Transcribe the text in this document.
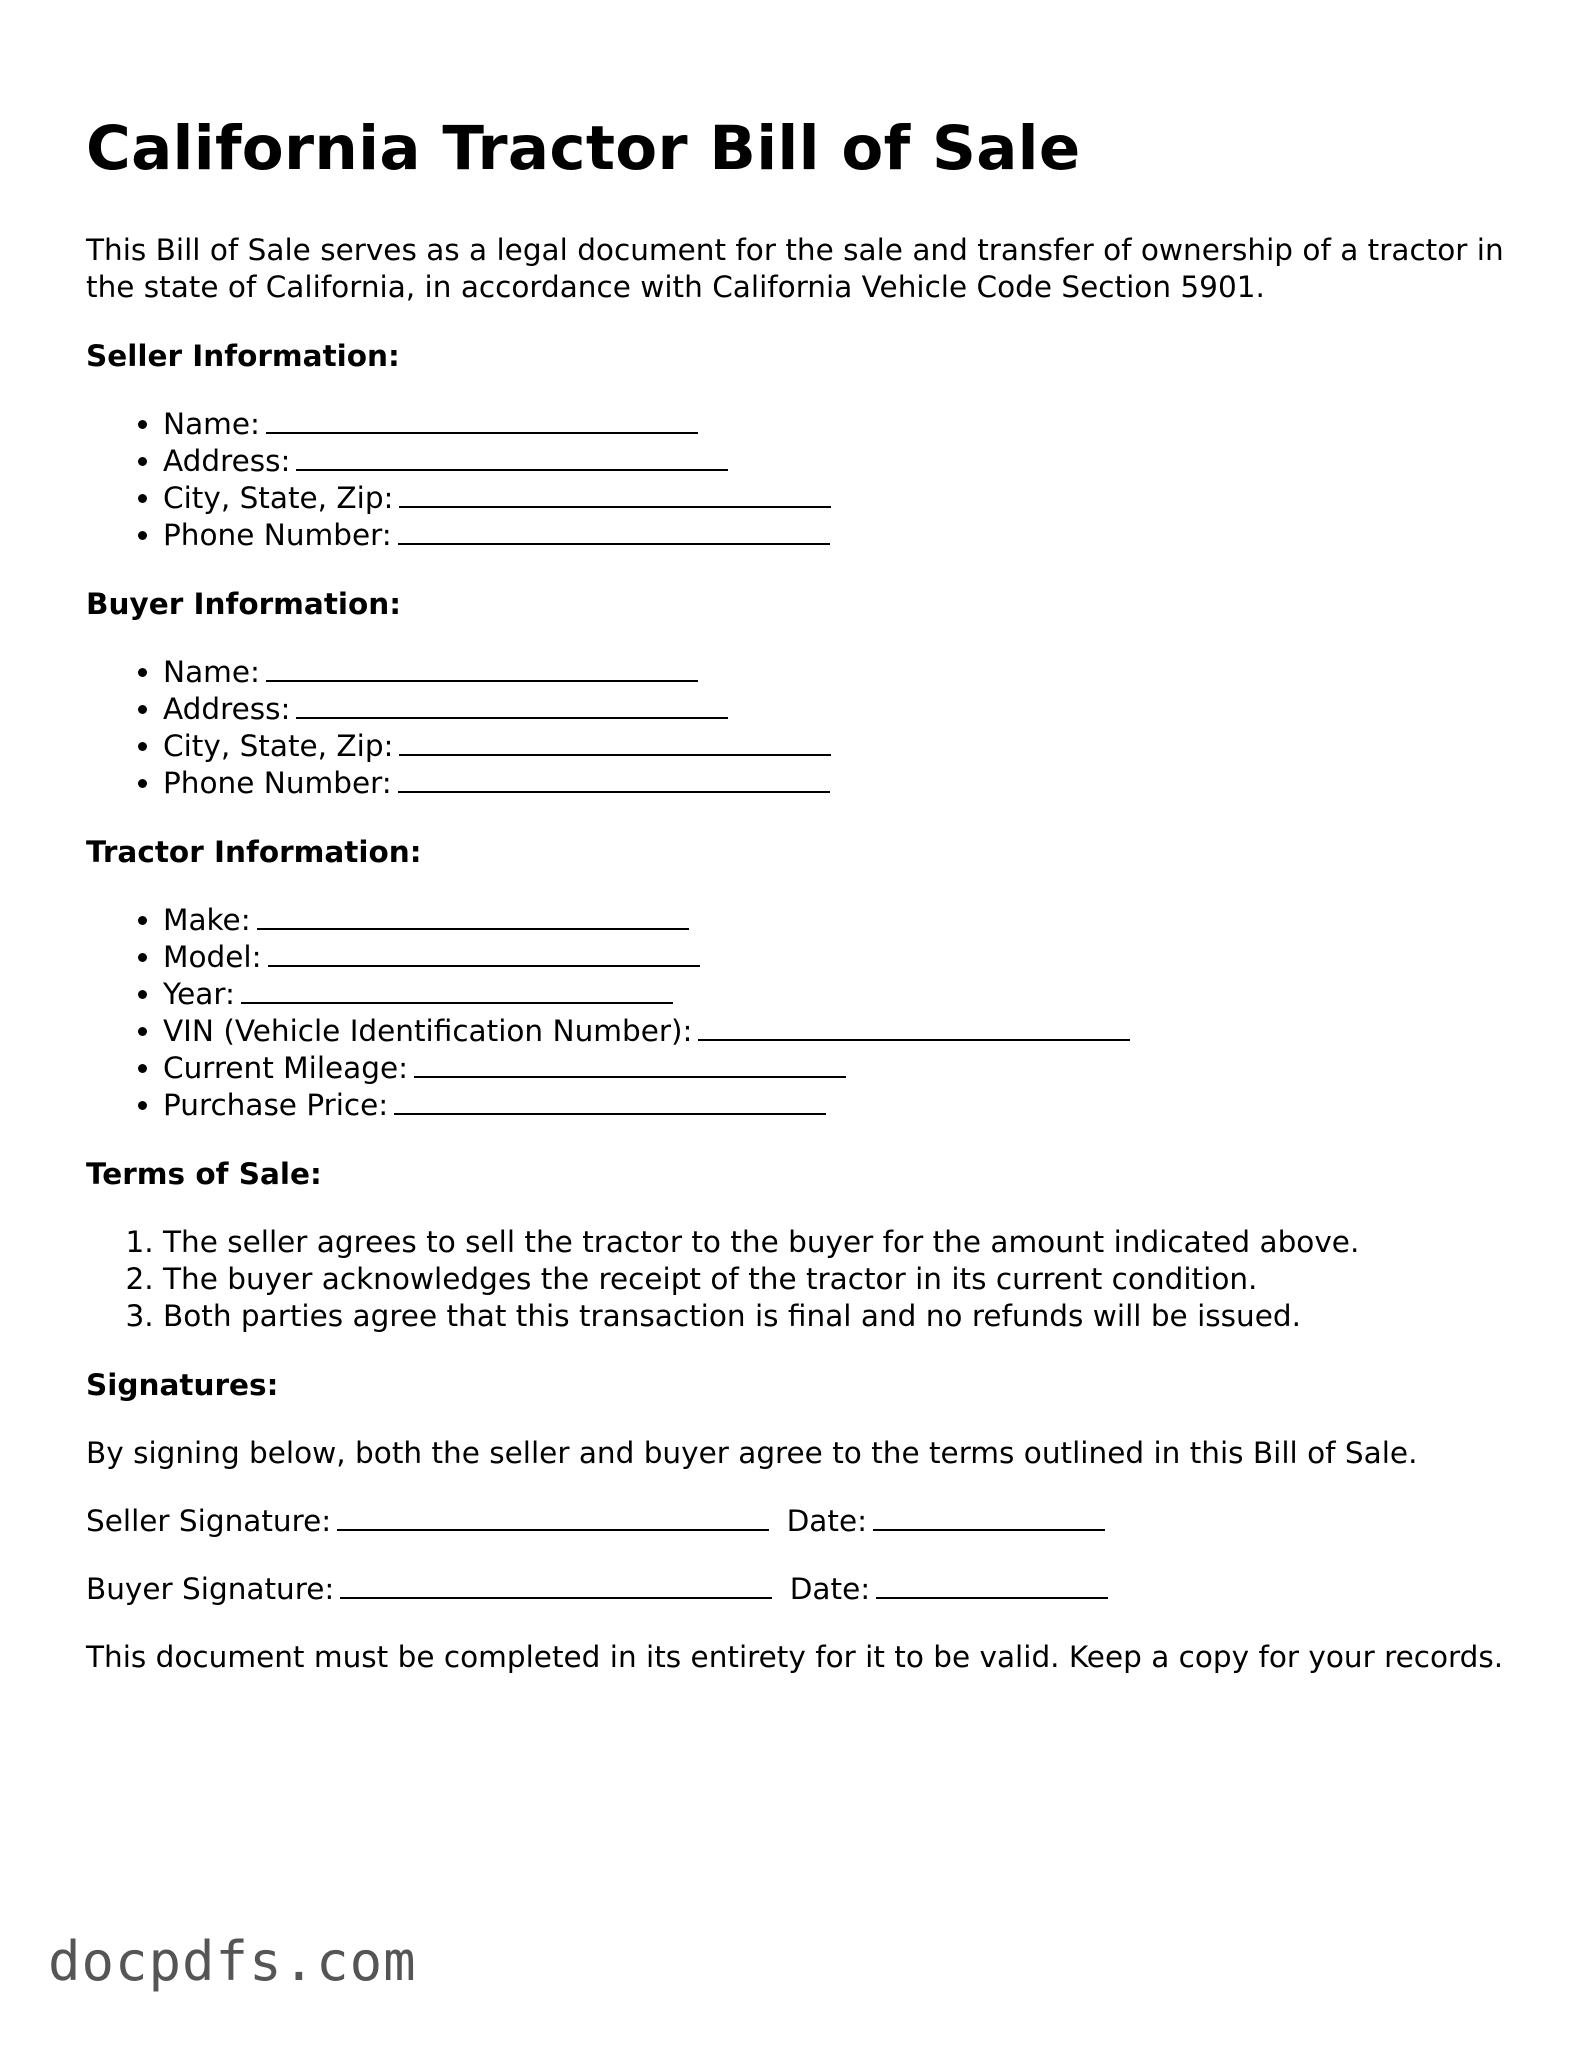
California Tractor Bill of Sale

This Bill of Sale serves as a legal document for the sale and transfer of ownership of a tractor in the state of California, in accordance with California Vehicle Code Section 5901.

Seller Information:
• Name:
• Address:
• City, State, Zip:
• Phone Number:
Buyer Information:
• Name:
• Address:
• City, State, Zip:
• Phone Number:
Tractor Information:
• Make:
• Model:
• Year:
• VIN (Vehicle Identification Number):
• Current Mileage:
• Purchase Price:
Terms of Sale:
1. The seller agrees to sell the tractor to the buyer for the amount indicated above.
2. The buyer acknowledges the receipt of the tractor in its current condition.
3. Both parties agree that this transaction is final and no refunds will be issued.
Signatures:

By signing below, both the seller and buyer agree to the terms outlined in this Bill of Sale.

Seller Signature:	Date:
Buyer Signature:	Date:

This document must be completed in its entirety for it to be valid. Keep a copy for your records.

docpdfs.com
